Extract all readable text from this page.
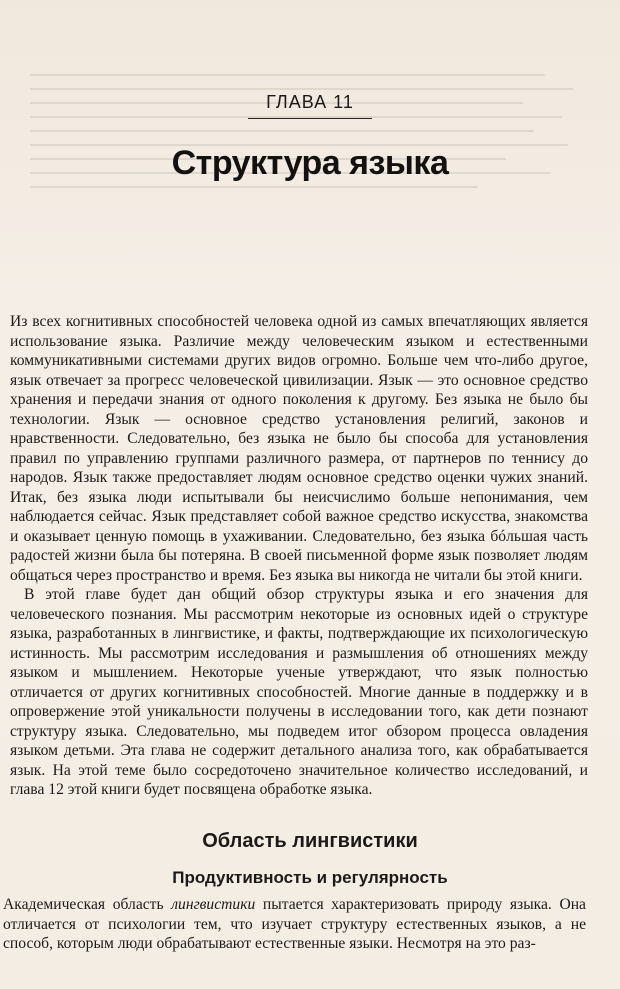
ГЛАВА 11
Структура языка

Из всех когнитивных способностей человека одной из самых впечатляющих является использование языка. Различие между человеческим языком и естественными коммуникативными системами других видов огромно. Больше чем что-либо другое, язык отвечает за прогресс человеческой цивилизации. Язык — это основное средство хранения и передачи знания от одного поколения к другому. Без языка не было бы технологии. Язык — основное средство установления религий, законов и нравственности. Следовательно, без языка не было бы способа для установления правил по управлению группами различного размера, от партнеров по теннису до народов. Язык также предоставляет людям основное средство оценки чужих знаний. Итак, без языка люди испытывали бы неисчислимо больше непонимания, чем наблюдается сейчас. Язык представляет собой важное средство искусства, знакомства и оказывает ценную помощь в ухаживании. Следовательно, без языка бóльшая часть радостей жизни была бы потеряна. В своей письменной форме язык позволяет людям общаться через пространство и время. Без языка вы никогда не читали бы этой книги.

В этой главе будет дан общий обзор структуры языка и его значения для человеческого познания. Мы рассмотрим некоторые из основных идей о структуре языка, разработанных в лингвистике, и факты, подтверждающие их психологическую истинность. Мы рассмотрим исследования и размышления об отношениях между языком и мышлением. Некоторые ученые утверждают, что язык полностью отличается от других когнитивных способностей. Многие данные в поддержку и в опровержение этой уникальности получены в исследовании того, как дети познают структуру языка. Следовательно, мы подведем итог обзором процесса овладения языком детьми. Эта глава не содержит детального анализа того, как обрабатывается язык. На этой теме было сосредоточено значительное количество исследований, и глава 12 этой книги будет посвящена обработке языка.

Область лингвистики
Продуктивность и регулярность

Академическая область лингвистики пытается характеризовать природу языка. Она отличается от психологии тем, что изучает структуру естественных языков, а не способ, которым люди обрабатывают естественные языки. Несмотря на это раз-
